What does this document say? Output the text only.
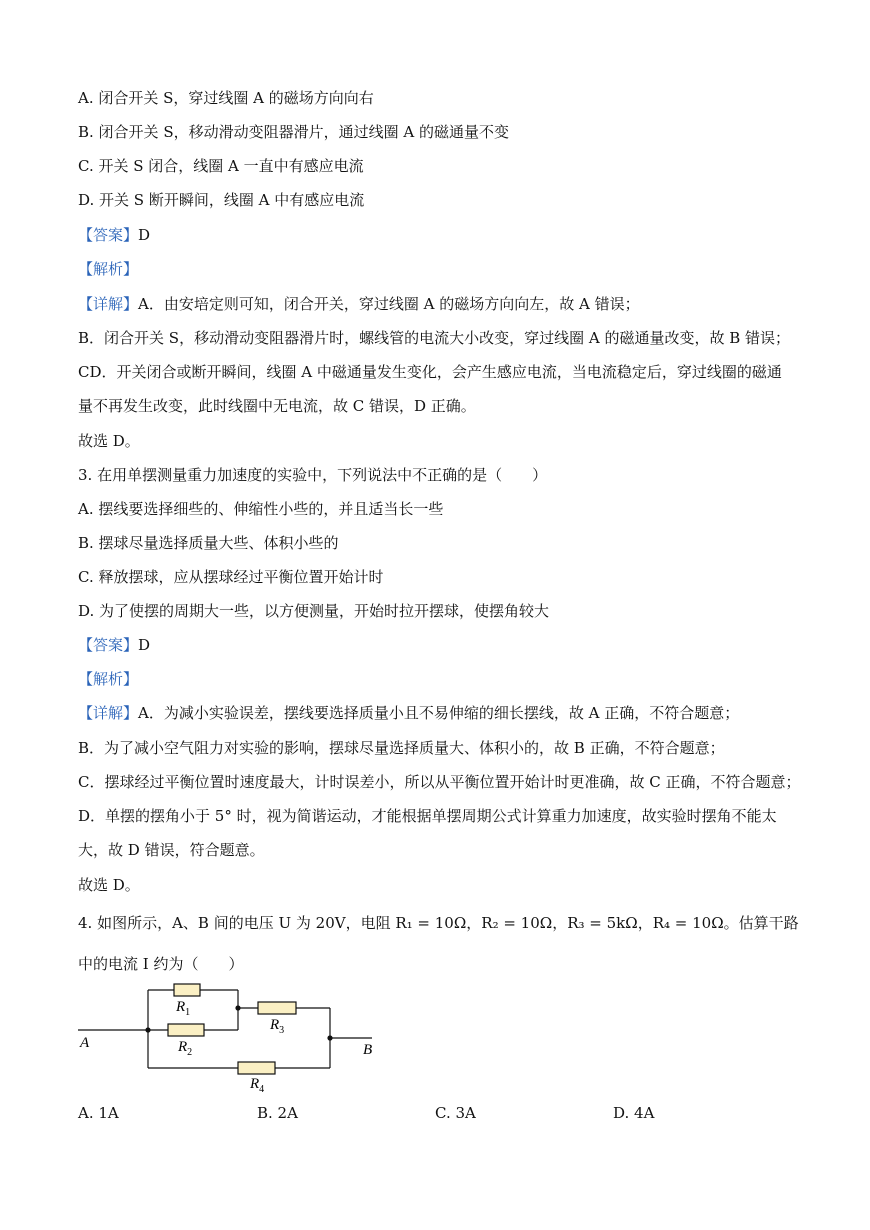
A. 闭合开关 S，穿过线圈 A 的磁场方向向右
B. 闭合开关 S，移动滑动变阻器滑片，通过线圈 A 的磁通量不变
C. 开关 S 闭合，线圈 A 一直中有感应电流
D. 开关 S 断开瞬间，线圈 A 中有感应电流
【答案】D
【解析】
【详解】A．由安培定则可知，闭合开关，穿过线圈 A 的磁场方向向左，故 A 错误；
B．闭合开关 S，移动滑动变阻器滑片时，螺线管的电流大小改变，穿过线圈 A 的磁通量改变，故 B 错误；
CD．开关闭合或断开瞬间，线圈 A 中磁通量发生变化，会产生感应电流，当电流稳定后，穿过线圈的磁通
量不再发生改变，此时线圈中无电流，故 C 错误，D 正确。
故选 D。
3. 在用单摆测量重力加速度的实验中，下列说法中不正确的是（　　）
A. 摆线要选择细些的、伸缩性小些的，并且适当长一些
B. 摆球尽量选择质量大些、体积小些的
C. 释放摆球，应从摆球经过平衡位置开始计时
D. 为了使摆的周期大一些，以方便测量，开始时拉开摆球，使摆角较大
【答案】D
【解析】
【详解】A．为减小实验误差，摆线要选择质量小且不易伸缩的细长摆线，故 A 正确，不符合题意；
B．为了减小空气阻力对实验的影响，摆球尽量选择质量大、体积小的，故 B 正确，不符合题意；
C．摆球经过平衡位置时速度最大，计时误差小，所以从平衡位置开始计时更准确，故 C 正确，不符合题意；
D．单摆的摆角小于 5° 时，视为简谐运动，才能根据单摆周期公式计算重力加速度，故实验时摆角不能太
大，故 D 错误，符合题意。
故选 D。
4. 如图所示，A、B 间的电压 U 为 20V，电阻 R₁ = 10Ω，R₂ = 10Ω，R₃ = 5kΩ，R₄ = 10Ω。估算干路
中的电流 I 约为（　　）
A	B
$R_1$
$R_2$
$R_3$
$R_4$
A. 1A	B. 2A	C. 3A	D. 4A
